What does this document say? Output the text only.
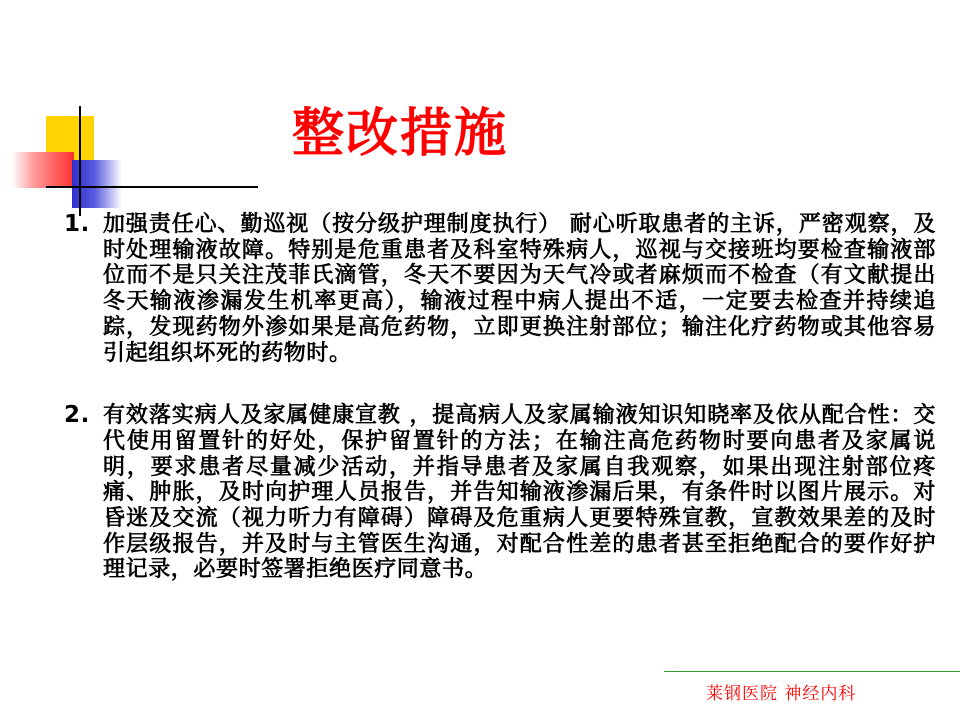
整改措施
1. 加强责任心、勤巡视（按分级护理制度执行） 耐心听取患者的主诉，严密观察，及时处理输液故障。特别是危重患者及科室特殊病人，巡视与交接班均要检查输液部位而不是只关注茂菲氏滴管，冬天不要因为天气冷或者麻烦而不检查（有文献提出冬天输液渗漏发生机率更高），输液过程中病人提出不适，一定要去检查并持续追踪，发现药物外渗如果是高危药物，立即更换注射部位；输注化疗药物或其他容易引起组织坏死的药物时。
2. 有效落实病人及家属健康宣教 ，提高病人及家属输液知识知晓率及依从配合性：交代使用留置针的好处，保护留置针的方法；在输注高危药物时要向患者及家属说明，要求患者尽量减少活动，并指导患者及家属自我观察，如果出现注射部位疼痛、肿胀，及时向护理人员报告，并告知输液渗漏后果，有条件时以图片展示。对昏迷及交流（视力听力有障碍）障碍及危重病人更要特殊宣教，宣教效果差的及时作层级报告，并及时与主管医生沟通，对配合性差的患者甚至拒绝配合的要作好护理记录，必要时签署拒绝医疗同意书。
莱钢医院 神经内科
